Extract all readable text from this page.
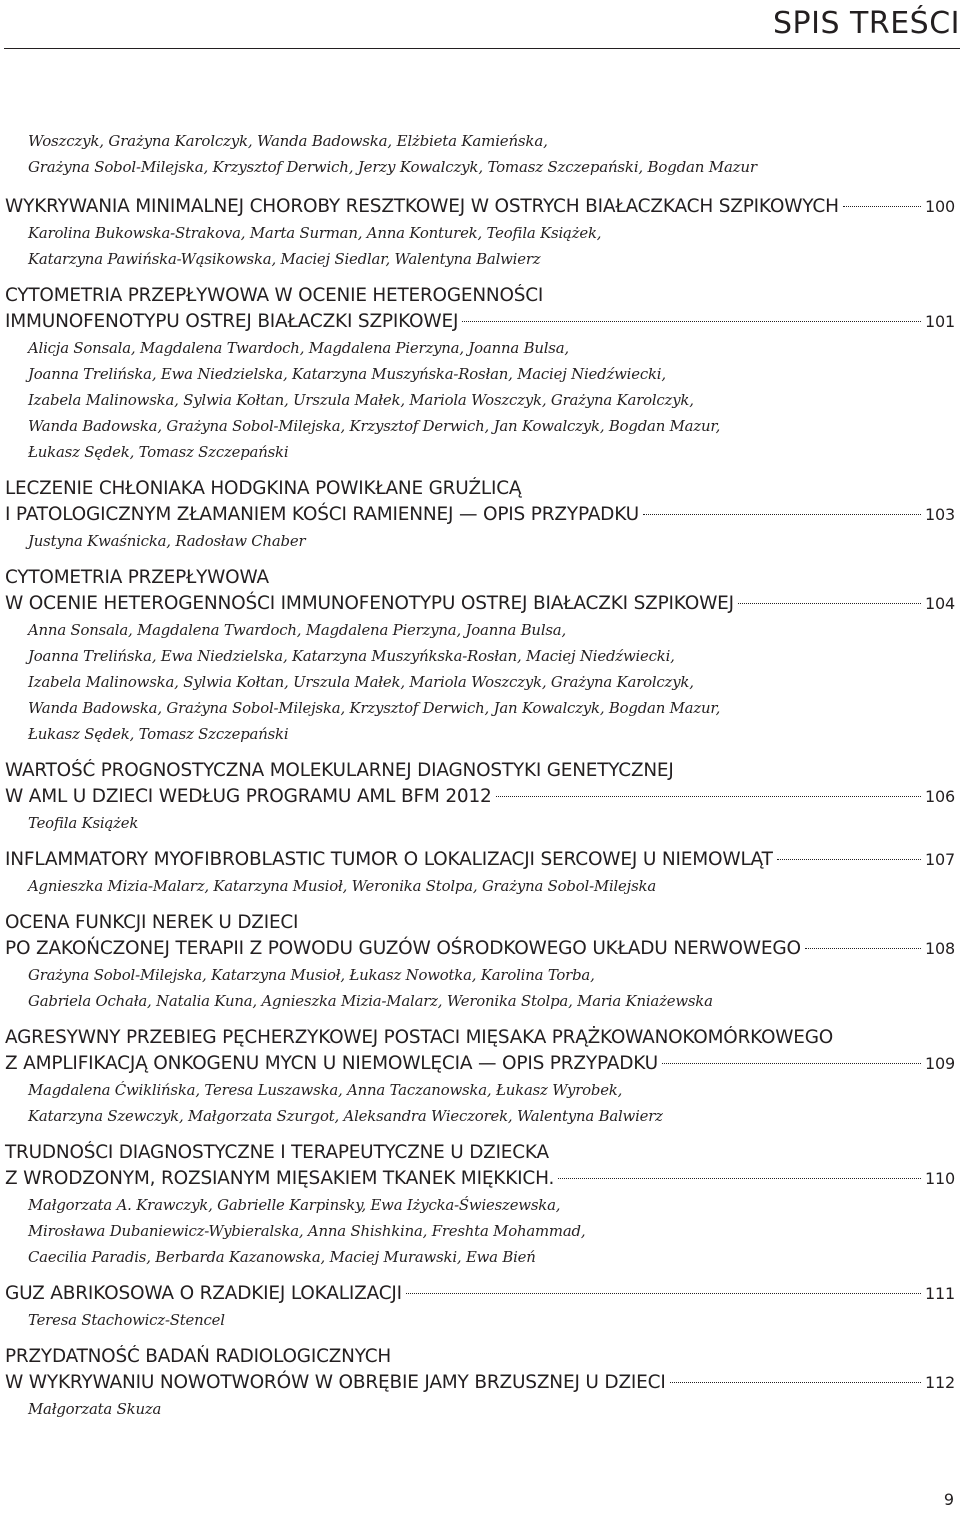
SPIS TREŚCI
Woszczyk, Grażyna Karolczyk, Wanda Badowska, Elżbieta Kamieńska,
Grażyna Sobol-Milejska, Krzysztof Derwich, Jerzy Kowalczyk, Tomasz Szczepański, Bogdan Mazur
WYKRYWANIA MINIMALNEJ CHOROBY RESZTKOWEJ W OSTRYCH BIAŁACZKACH SZPIKOWYCH	100
Karolina Bukowska-Strakova, Marta Surman, Anna Konturek, Teofila Książek,
Katarzyna Pawińska-Wąsikowska, Maciej Siedlar, Walentyna Balwierz
CYTOMETRIA PRZEPŁYWOWA W OCENIE HETEROGENNOŚCI
IMMUNOFENOTYPU OSTREJ BIAŁACZKI SZPIKOWEJ	101
Alicja Sonsala, Magdalena Twardoch, Magdalena Pierzyna, Joanna Bulsa,
Joanna Trelińska, Ewa Niedzielska, Katarzyna Muszyńska-Rosłan, Maciej Niedźwiecki,
Izabela Malinowska, Sylwia Kołtan, Urszula Małek, Mariola Woszczyk, Grażyna Karolczyk,
Wanda Badowska, Grażyna Sobol-Milejska, Krzysztof Derwich, Jan Kowalczyk, Bogdan Mazur,
Łukasz Sędek, Tomasz Szczepański
LECZENIE CHŁONIAKA HODGKINA POWIKŁANE GRUŹLICĄ
I PATOLOGICZNYM ZŁAMANIEM KOŚCI RAMIENNEJ — OPIS PRZYPADKU	103
Justyna Kwaśnicka, Radosław Chaber
CYTOMETRIA PRZEPŁYWOWA
W OCENIE HETEROGENNOŚCI IMMUNOFENOTYPU OSTREJ BIAŁACZKI SZPIKOWEJ	104
Anna Sonsala, Magdalena Twardoch, Magdalena Pierzyna, Joanna Bulsa,
Joanna Trelińska, Ewa Niedzielska, Katarzyna Muszyńkska-Rosłan, Maciej Niedźwiecki,
Izabela Malinowska, Sylwia Kołtan, Urszula Małek, Mariola Woszczyk, Grażyna Karolczyk,
Wanda Badowska, Grażyna Sobol-Milejska, Krzysztof Derwich, Jan Kowalczyk, Bogdan Mazur,
Łukasz Sędek, Tomasz Szczepański
WARTOŚĆ PROGNOSTYCZNA MOLEKULARNEJ DIAGNOSTYKI GENETYCZNEJ
W AML U DZIECI WEDŁUG PROGRAMU AML BFM 2012	106
Teofila Książek
INFLAMMATORY MYOFIBROBLASTIC TUMOR O LOKALIZACJI SERCOWEJ U NIEMOWLĄT	107
Agnieszka Mizia-Malarz, Katarzyna Musioł, Weronika Stolpa, Grażyna Sobol-Milejska
OCENA FUNKCJI NEREK U DZIECI
PO ZAKOŃCZONEJ TERAPII Z POWODU GUZÓW OŚRODKOWEGO UKŁADU NERWOWEGO	108
Grażyna Sobol-Milejska, Katarzyna Musioł, Łukasz Nowotka, Karolina Torba,
Gabriela Ochała, Natalia Kuna, Agnieszka Mizia-Malarz, Weronika Stolpa, Maria Kniażewska
AGRESYWNY PRZEBIEG PĘCHERZYKOWEJ POSTACI MIĘSAKA PRĄŻKOWANOKOMÓRKOWEGO
Z AMPLIFIKACJĄ ONKOGENU MYCN U NIEMOWLĘCIA — OPIS PRZYPADKU	109
Magdalena Ćwiklińska, Teresa Luszawska, Anna Taczanowska, Łukasz Wyrobek,
Katarzyna Szewczyk, Małgorzata Szurgot, Aleksandra Wieczorek, Walentyna Balwierz
TRUDNOŚCI DIAGNOSTYCZNE I TERAPEUTYCZNE U DZIECKA
Z WRODZONYM, ROZSIANYM MIĘSAKIEM TKANEK MIĘKKICH.	110
Małgorzata A. Krawczyk, Gabrielle Karpinsky, Ewa Iżycka-Świeszewska,
Mirosława Dubaniewicz-Wybieralska, Anna Shishkina, Freshta Mohammad,
Caecilia Paradis, Berbarda Kazanowska, Maciej Murawski, Ewa Bień
GUZ ABRIKOSOWA O RZADKIEJ LOKALIZACJI	111
Teresa Stachowicz-Stencel
PRZYDATNOŚĆ BADAŃ RADIOLOGICZNYCH
W WYKRYWANIU NOWOTWORÓW W OBRĘBIE JAMY BRZUSZNEJ U DZIECI	112
Małgorzata Skuza
9
